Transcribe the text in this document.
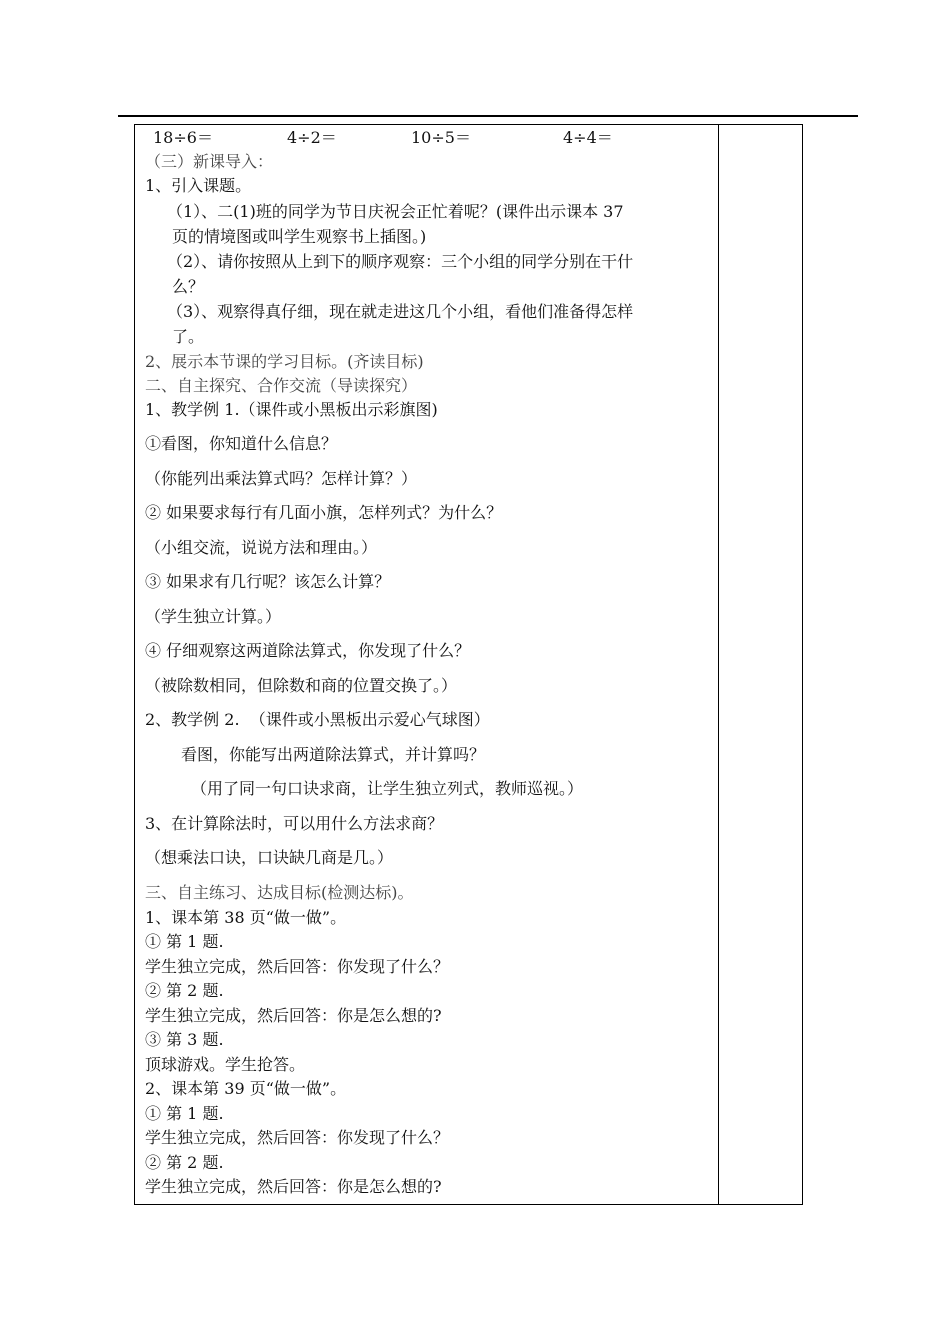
18÷6＝	4÷2＝	10÷5＝	4÷4＝
（三）新课导入：
1、引入课题。
（1）、二(1)班的同学为节日庆祝会正忙着呢？(课件出示课本 37
页的情境图或叫学生观察书上插图。)
（2）、请你按照从上到下的顺序观察：三个小组的同学分别在干什
么？
（3）、观察得真仔细，现在就走进这几个小组，看他们准备得怎样
了。
2、展示本节课的学习目标。(齐读目标)
二、自主探究、合作交流（导读探究）
1、教学例 1.（课件或小黑板出示彩旗图)
①看图，你知道什么信息？
（你能列出乘法算式吗？怎样计算？）
② 如果要求每行有几面小旗，怎样列式？为什么？
（小组交流，说说方法和理由。）
③ 如果求有几行呢？该怎么计算？
（学生独立计算。）
④ 仔细观察这两道除法算式，你发现了什么？
（被除数相同，但除数和商的位置交换了。）
2、教学例 2.  （课件或小黑板出示爱心气球图）
看图，你能写出两道除法算式，并计算吗？
（用了同一句口诀求商，让学生独立列式，教师巡视。）
3、在计算除法时，可以用什么方法求商？
（想乘法口诀，口诀缺几商是几。）
三、自主练习、达成目标(检测达标)。
1、课本第 38 页“做一做”。
① 第 1 题.
学生独立完成，然后回答：你发现了什么？
② 第 2 题.
学生独立完成，然后回答：你是怎么想的?
③ 第 3 题.
顶球游戏。学生抢答。
2、课本第 39 页“做一做”。
① 第 1 题.
学生独立完成，然后回答：你发现了什么？
② 第 2 题.
学生独立完成，然后回答：你是怎么想的?
